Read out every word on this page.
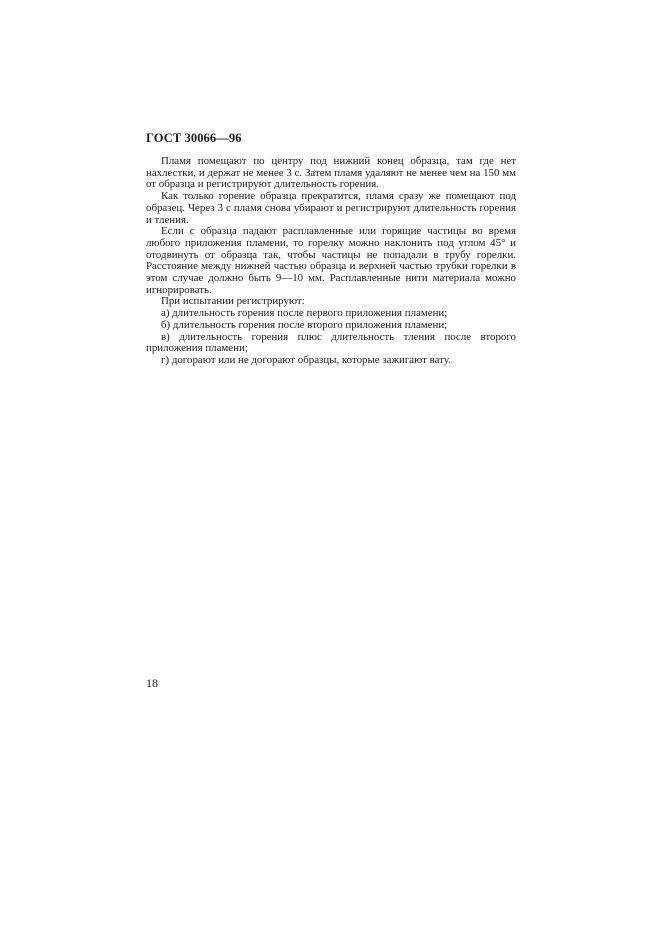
ГОСТ 30066—96

Пламя помещают по центру под нижний конец образца, там где нет нахлестки, и держат не менее 3 с. Затем пламя удаляют не менее чем на 150 мм от образца и регистрируют длительность горения.

Как только горение образца прекратится, пламя сразу же помещают под образец. Через 3 с пламя снова убирают и регистрируют длительность горения и тления.

Если с образца падают расплавленные или горящие частицы во время любого приложения пламени, то горелку можно наклонить под углом 45° и отодвинуть от образца так, чтобы частицы не попадали в трубу горелки. Расстояние между нижней частью образца и верхней частью трубки горелки в этом случае должно быть 9—10 мм. Расплавленные нити материала можно игнорировать.

При испытании регистрируют:

а) длительность горения после первого приложения пламени;
б) длительность горения после второго приложения пламени;
в) длительность горения плюс длительность тления после второго приложения пламени;
г) догорают или не догорают образцы, которые зажигают вату.
18
